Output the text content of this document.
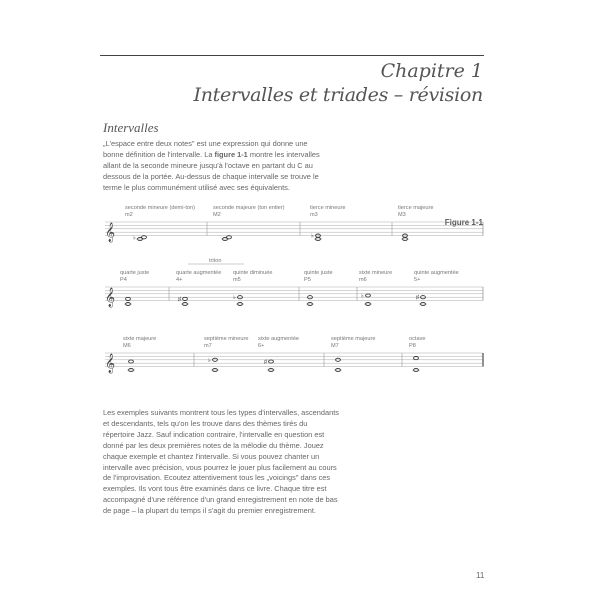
Chapitre 1
Intervalles et triades – révision
Intervalles
„L'espace entre deux notes" est une expression qui donne une bonne définition de l'intervalle. La figure 1-1 montre les intervalles allant de la seconde mineure jusqu'à l'octave en partant du C au dessous de la portée. Au-dessus de chaque intervalle se trouve le terme le plus communément utilisé avec ses équivalents.
Figure 1-1
𝄞
seconde mineure (demi-ton)
m2
♭
seconde majeure (ton entier)
M2
tierce mineure
m3
♭
tierce majeure
M3
𝄞
quarte juste
P4
quarte augmentée
4+
♯
quinte diminuée
m5
♭
quinte juste
P5
sixte mineure
m6
♭
quinte augmentée
5+
♯
𝄞
sixte majeure
M6
septième mineure
m7
♭
sixte augmentée
6+
♯
septième majeure
M7
octave
P8
triton
Les exemples suivants montrent tous les types d'intervalles, ascendants et descendants, tels qu'on les trouve dans des thèmes tirés du répertoire Jazz. Sauf indication contraire, l'intervalle en question est donné par les deux premières notes de la mélodie du thème. Jouez chaque exemple et chantez l'intervalle. Si vous pouvez chanter un intervalle avec précision, vous pourrez le jouer plus facilement au cours de l'improvisation. Ecoutez attentivement tous les „voicings" dans ces exemples. Ils vont tous être examinés dans ce livre. Chaque titre est accompagné d'une référence d'un grand enregistrement en note de bas de page – la plupart du temps il s'agit du premier enregistrement.
11
